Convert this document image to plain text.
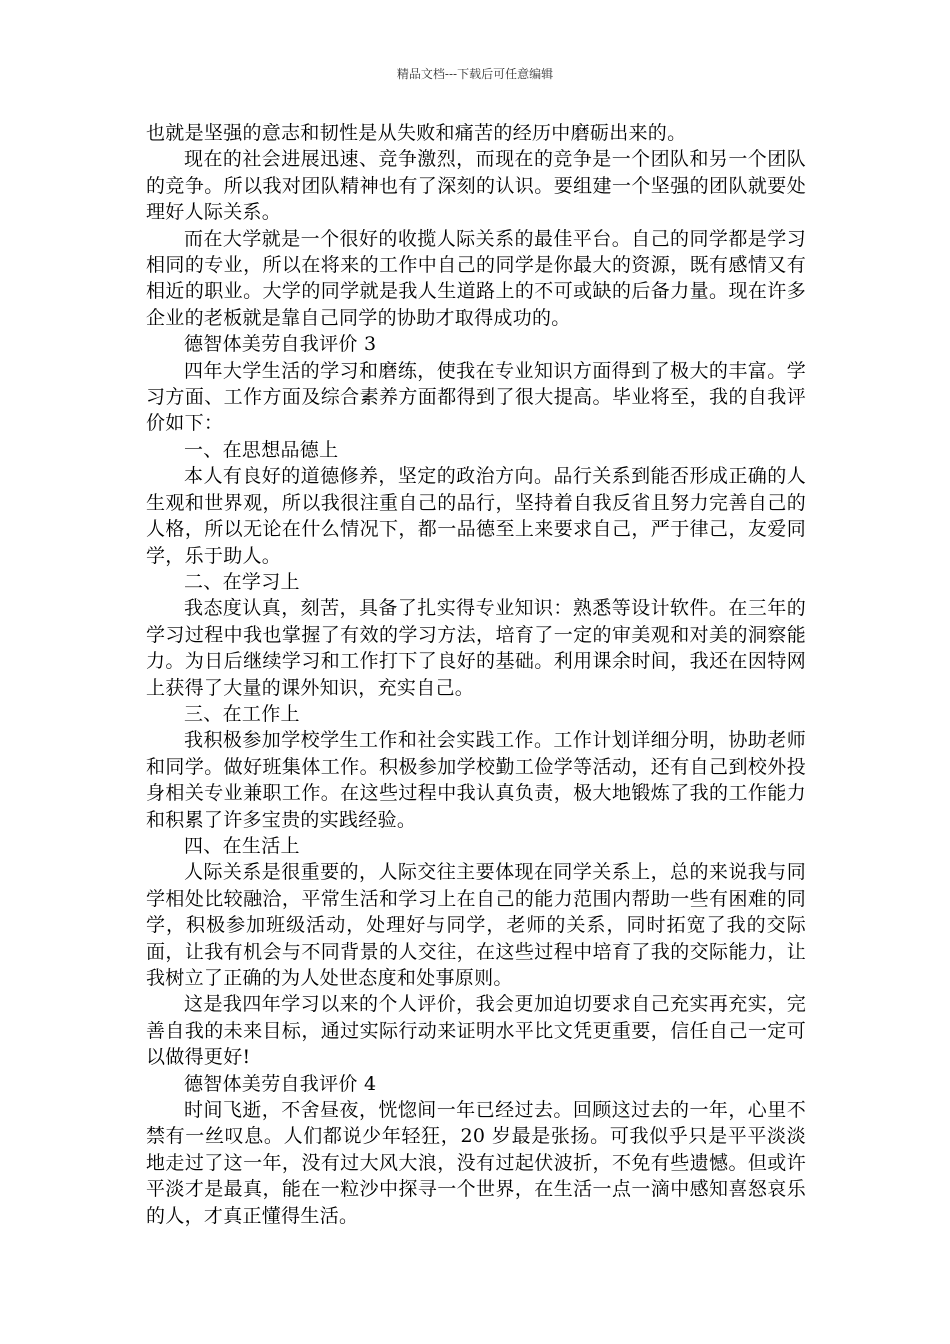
精品文档---下载后可任意编辑

也就是坚强的意志和韧性是从失败和痛苦的经历中磨砺出来的。

现在的社会进展迅速、竞争激烈，而现在的竞争是一个团队和另一个团队的竞争。所以我对团队精神也有了深刻的认识。要组建一个坚强的团队就要处理好人际关系。

而在大学就是一个很好的收揽人际关系的最佳平台。自己的同学都是学习相同的专业，所以在将来的工作中自己的同学是你最大的资源，既有感情又有相近的职业。大学的同学就是我人生道路上的不可或缺的后备力量。现在许多企业的老板就是靠自己同学的协助才取得成功的。

德智体美劳自我评价 3

四年大学生活的学习和磨练，使我在专业知识方面得到了极大的丰富。学习方面、工作方面及综合素养方面都得到了很大提高。毕业将至，我的自我评价如下：

一、在思想品德上

本人有良好的道德修养，坚定的政治方向。品行关系到能否形成正确的人生观和世界观，所以我很注重自己的品行，坚持着自我反省且努力完善自己的人格，所以无论在什么情况下，都一品德至上来要求自己，严于律己，友爱同学，乐于助人。

二、在学习上

我态度认真，刻苦，具备了扎实得专业知识：熟悉等设计软件。在三年的学习过程中我也掌握了有效的学习方法，培育了一定的审美观和对美的洞察能力。为日后继续学习和工作打下了良好的基础。利用课余时间，我还在因特网上获得了大量的课外知识，充实自己。

三、在工作上

我积极参加学校学生工作和社会实践工作。工作计划详细分明，协助老师和同学。做好班集体工作。积极参加学校勤工俭学等活动，还有自己到校外投身相关专业兼职工作。在这些过程中我认真负责，极大地锻炼了我的工作能力和积累了许多宝贵的实践经验。

四、在生活上

人际关系是很重要的，人际交往主要体现在同学关系上，总的来说我与同学相处比较融洽，平常生活和学习上在自己的能力范围内帮助一些有困难的同学，积极参加班级活动，处理好与同学，老师的关系，同时拓宽了我的交际面，让我有机会与不同背景的人交往，在这些过程中培育了我的交际能力，让我树立了正确的为人处世态度和处事原则。

这是我四年学习以来的个人评价，我会更加迫切要求自己充实再充实，完善自我的未来目标，通过实际行动来证明水平比文凭更重要，信任自己一定可以做得更好!

德智体美劳自我评价 4

时间飞逝，不舍昼夜，恍惚间一年已经过去。回顾这过去的一年，心里不禁有一丝叹息。人们都说少年轻狂，20 岁最是张扬。可我似乎只是平平淡淡地走过了这一年，没有过大风大浪，没有过起伏波折，不免有些遗憾。但或许平淡才是最真，能在一粒沙中探寻一个世界，在生活一点一滴中感知喜怒哀乐的人，才真正懂得生活。
